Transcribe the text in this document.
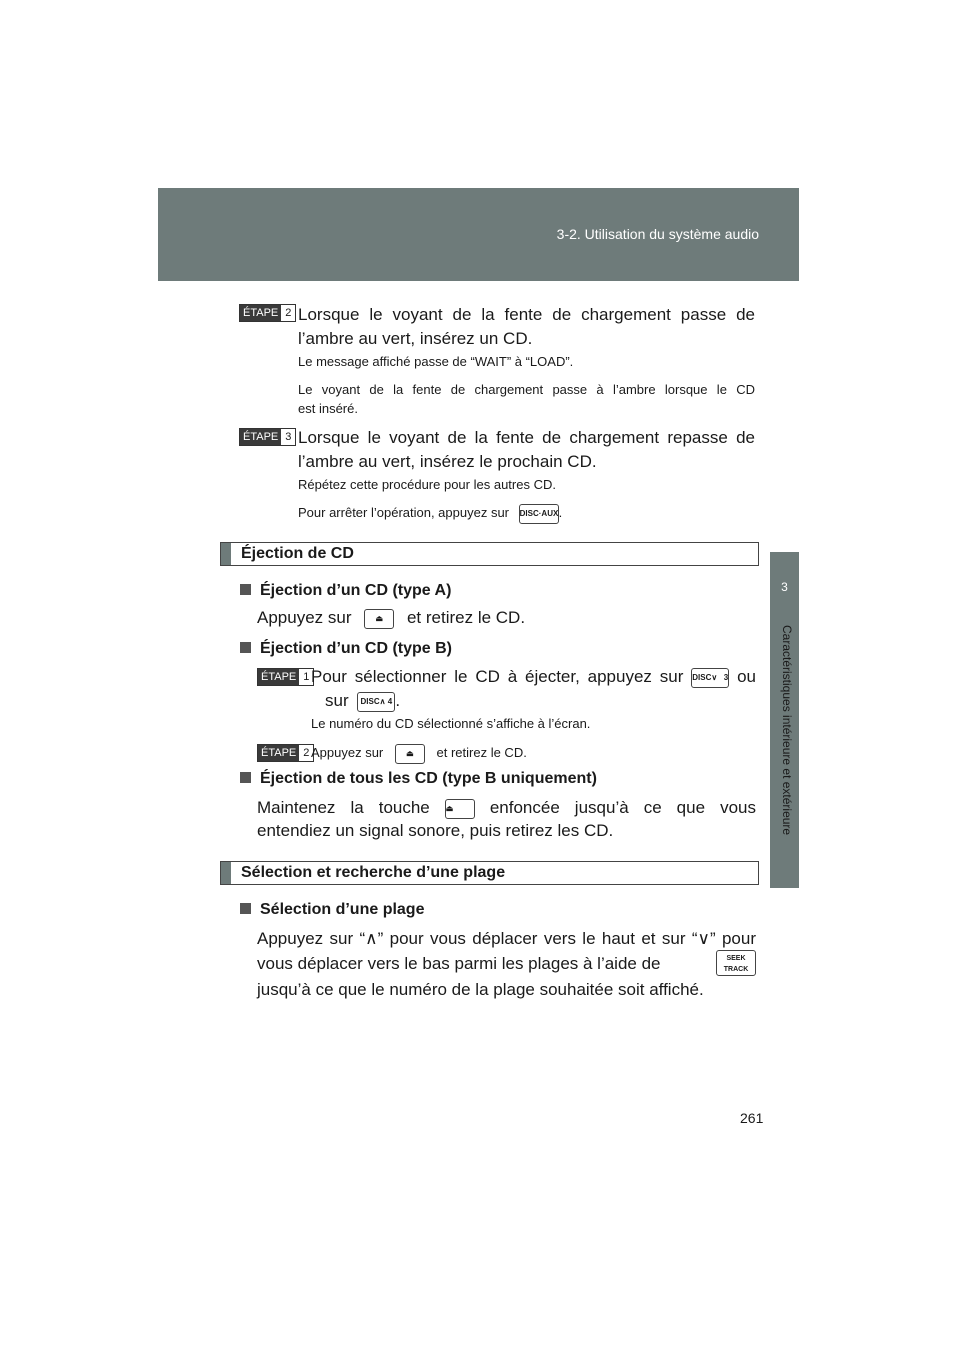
3-2. Utilisation du système audio
3
Caractéristiques intérieure et extérieure
ÉTAPE 2 Lorsque le voyant de la fente de chargement passe de
l’ambre au vert, insérez un CD.
Le message affiché passe de “WAIT” à “LOAD”.
Le voyant de la fente de chargement passe à l’ambre lorsque le CD
est inséré.
ÉTAPE 3 Lorsque le voyant de la fente de chargement repasse de
l’ambre au vert, insérez le prochain CD.
Répétez cette procédure pour les autres CD.
Pour arrêter l’opération, appuyez sur DISC·AUX.
Éjection de CD
Éjection d’un CD (type A)
Appuyez sur	⏏ et retirez le CD.
Éjection d’un CD (type B)
ÉTAPE 1 Pour sélectionner le CD à éjecter, appuyez sur DISC∨ 3 ou
sur DISC∧ 4 .
Le numéro du CD sélectionné s’affiche à l’écran.
ÉTAPE 2 Appuyez sur	⏏ et retirez le CD.
Éjection de tous les CD (type B uniquement)
Maintenez la touche ⏏ enfoncée jusqu’à ce que vous
entendiez un signal sonore, puis retirez les CD.
Sélection et recherche d’une plage
Sélection d’une plage
Appuyez sur “∧” pour vous déplacer vers le haut et sur “∨” pour
vous déplacer vers le bas parmi les plages à l’aide de	SEEK TRACK
jusqu’à ce que le numéro de la plage souhaitée soit affiché.
261
